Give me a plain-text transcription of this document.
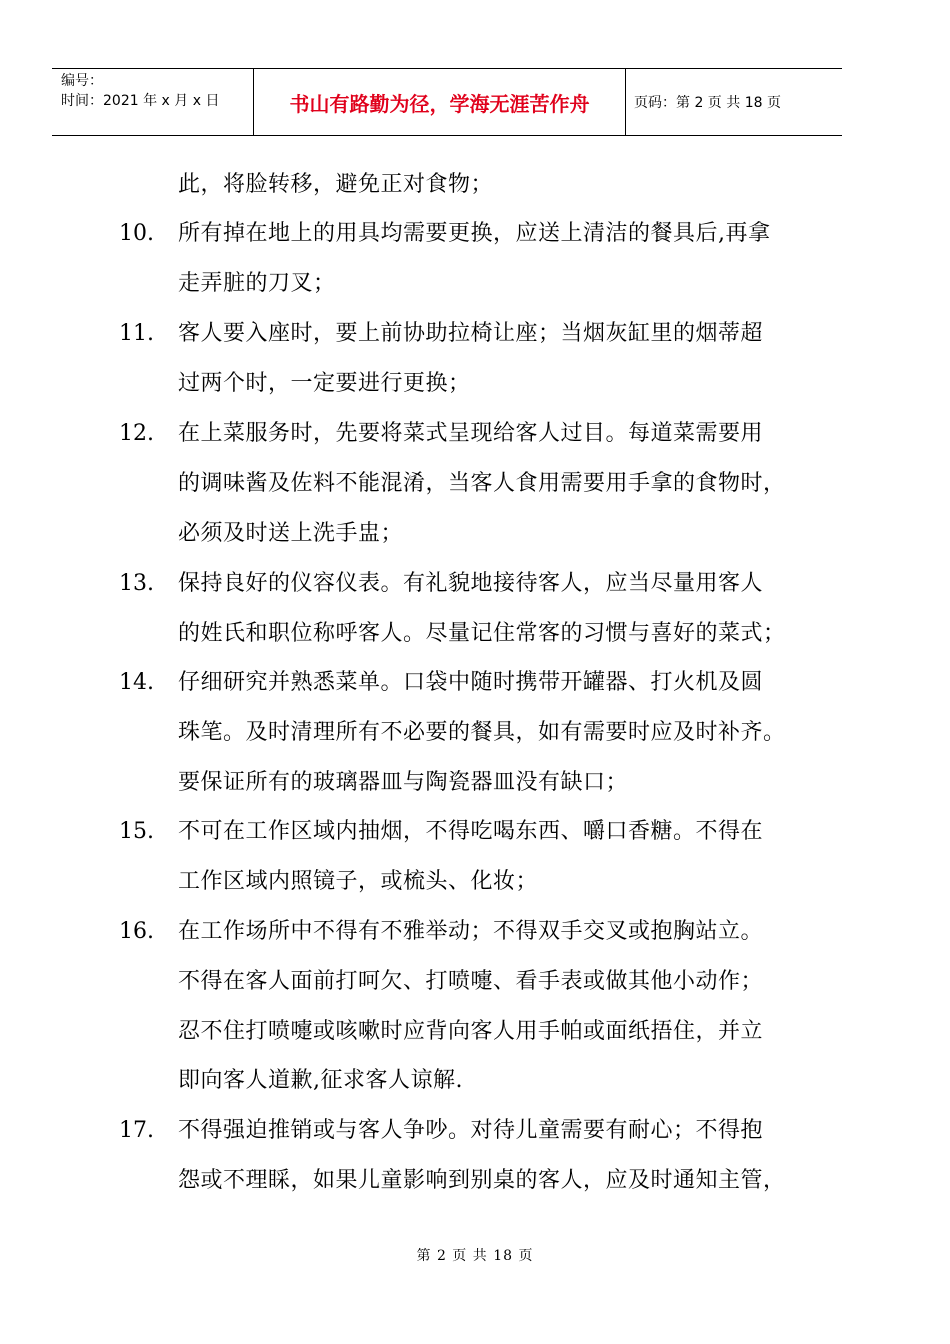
编号：
时间：2021 年 x 月 x 日	书山有路勤为径，学海无涯苦作舟	页码：第 2 页 共 18 页
此，将脸转移，避免正对食物；
10. 所有掉在地上的用具均需要更换，应送上清洁的餐具后,再拿
走弄脏的刀叉；
11. 客人要入座时，要上前协助拉椅让座；当烟灰缸里的烟蒂超
过两个时，一定要进行更换；
12. 在上菜服务时，先要将菜式呈现给客人过目。每道菜需要用
的调味酱及佐料不能混淆，当客人食用需要用手拿的食物时，
必须及时送上洗手盅；
13. 保持良好的仪容仪表。有礼貌地接待客人，应当尽量用客人
的姓氏和职位称呼客人。尽量记住常客的习惯与喜好的菜式；
14. 仔细研究并熟悉菜单。口袋中随时携带开罐器、打火机及圆
珠笔。及时清理所有不必要的餐具，如有需要时应及时补齐。
要保证所有的玻璃器皿与陶瓷器皿没有缺口；
15. 不可在工作区域内抽烟，不得吃喝东西、嚼口香糖。不得在
工作区域内照镜子，或梳头、化妆；
16. 在工作场所中不得有不雅举动；不得双手交叉或抱胸站立。
不得在客人面前打呵欠、打喷嚏、看手表或做其他小动作；
忍不住打喷嚏或咳嗽时应背向客人用手帕或面纸捂住，并立
即向客人道歉,征求客人谅解.
17. 不得强迫推销或与客人争吵。对待儿童需要有耐心；不得抱
怨或不理睬，如果儿童影响到别桌的客人，应及时通知主管，
第 2 页 共 18 页
